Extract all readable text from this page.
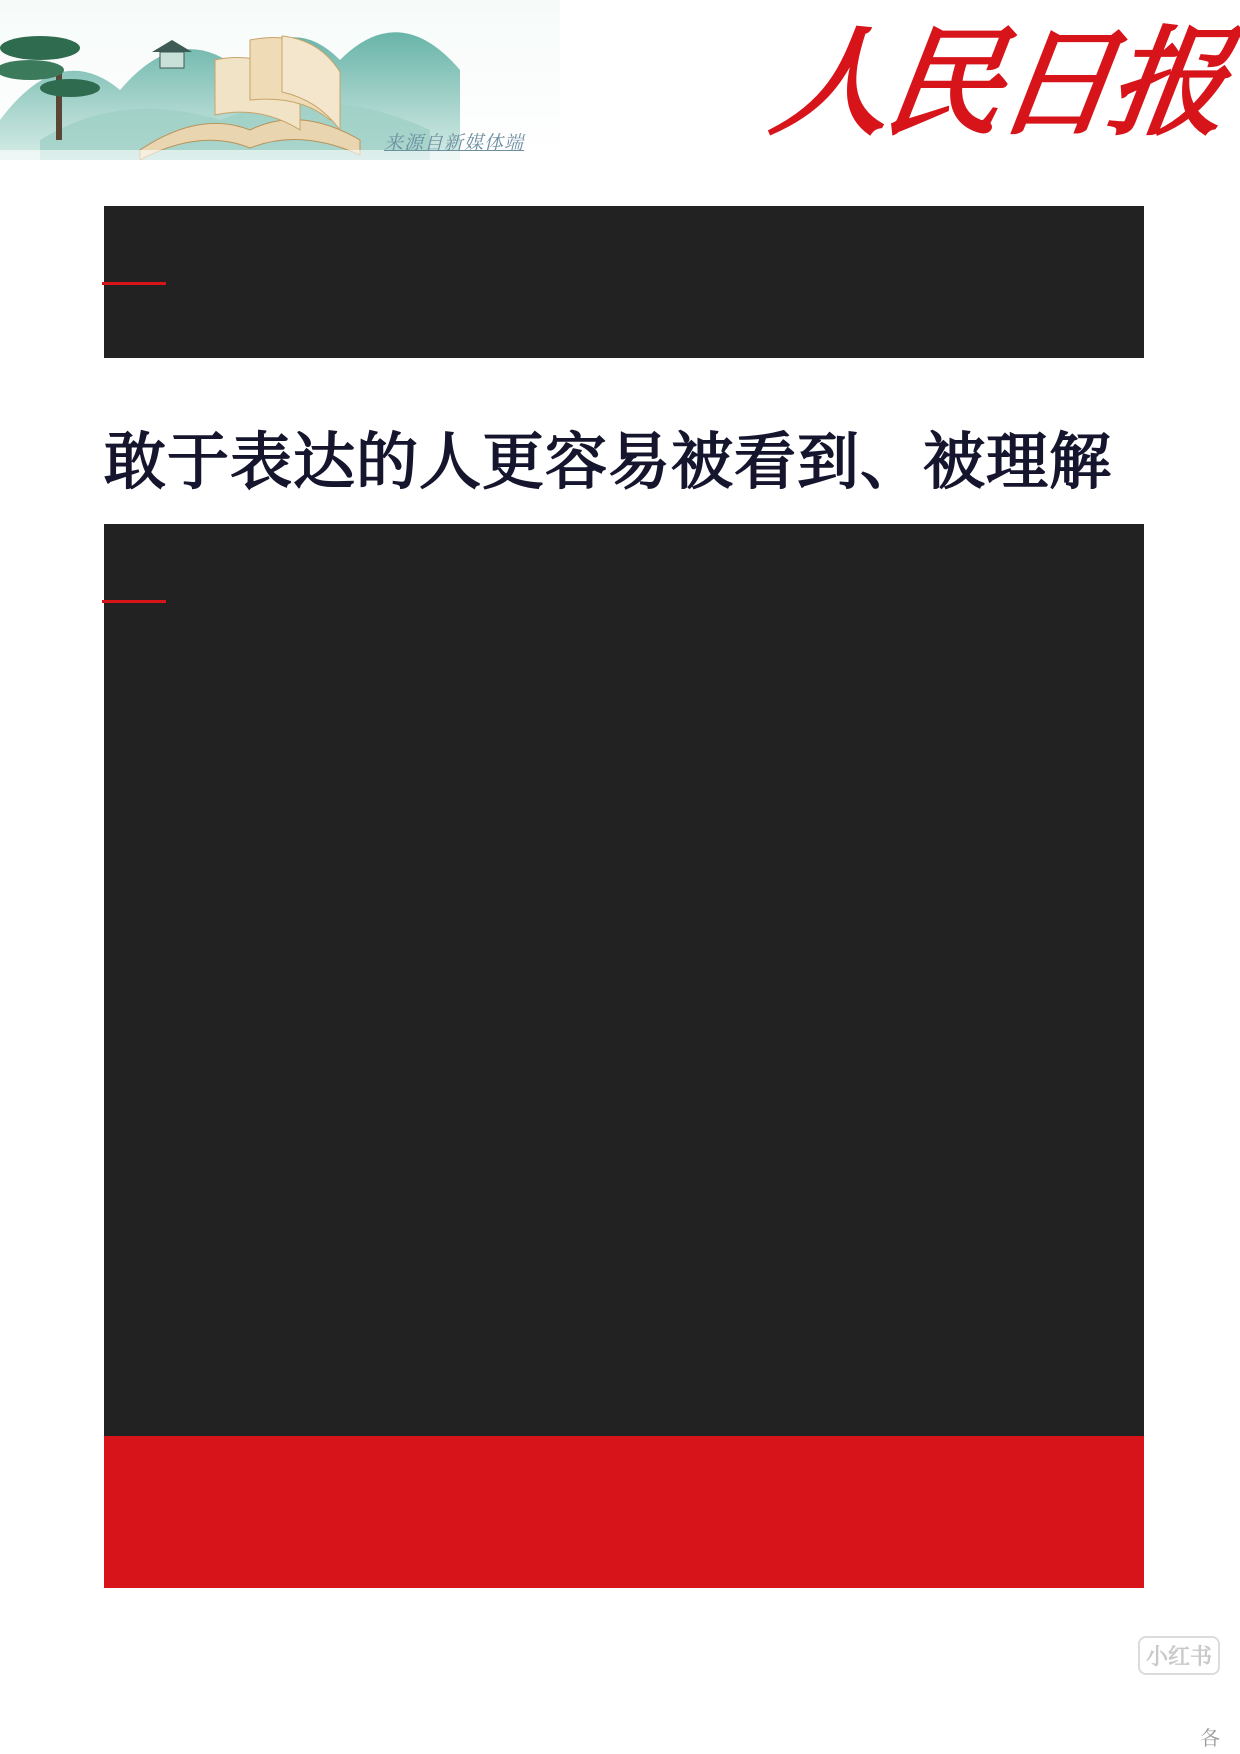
来源自新媒体端 人民日报

表达，不仅是声音的传递，更是自我存在的外显，是勇气在言语中的落脚点。

敢于表达的人更容易被看到、被理解

敢于表达是一项了不起的能力：说出喜欢与拒绝，分享阅读与观影时内心的触动，倾诉对风景的惊叹、对事物的洞见……

真挚而有思考的表达，无论长短或理性感性，都值得被尊重。

敢于表达，不是要求每句话都完美无瑕，而是愿意在不断的尝试中，让思想落地、让他人看见。

它始于对自我感受的觉察与接纳，成于一次又一次真诚而坚定的发声。

说出“我有点难过”比生闷气更有力，“我很在意你”比默默隐藏更能拉近距离；坦然说出需求，也能避免许多无谓的猜忌。

人与人之间最珍贵的理解，往往是从“我想说”和“我在听”开始的。

小红书
各
